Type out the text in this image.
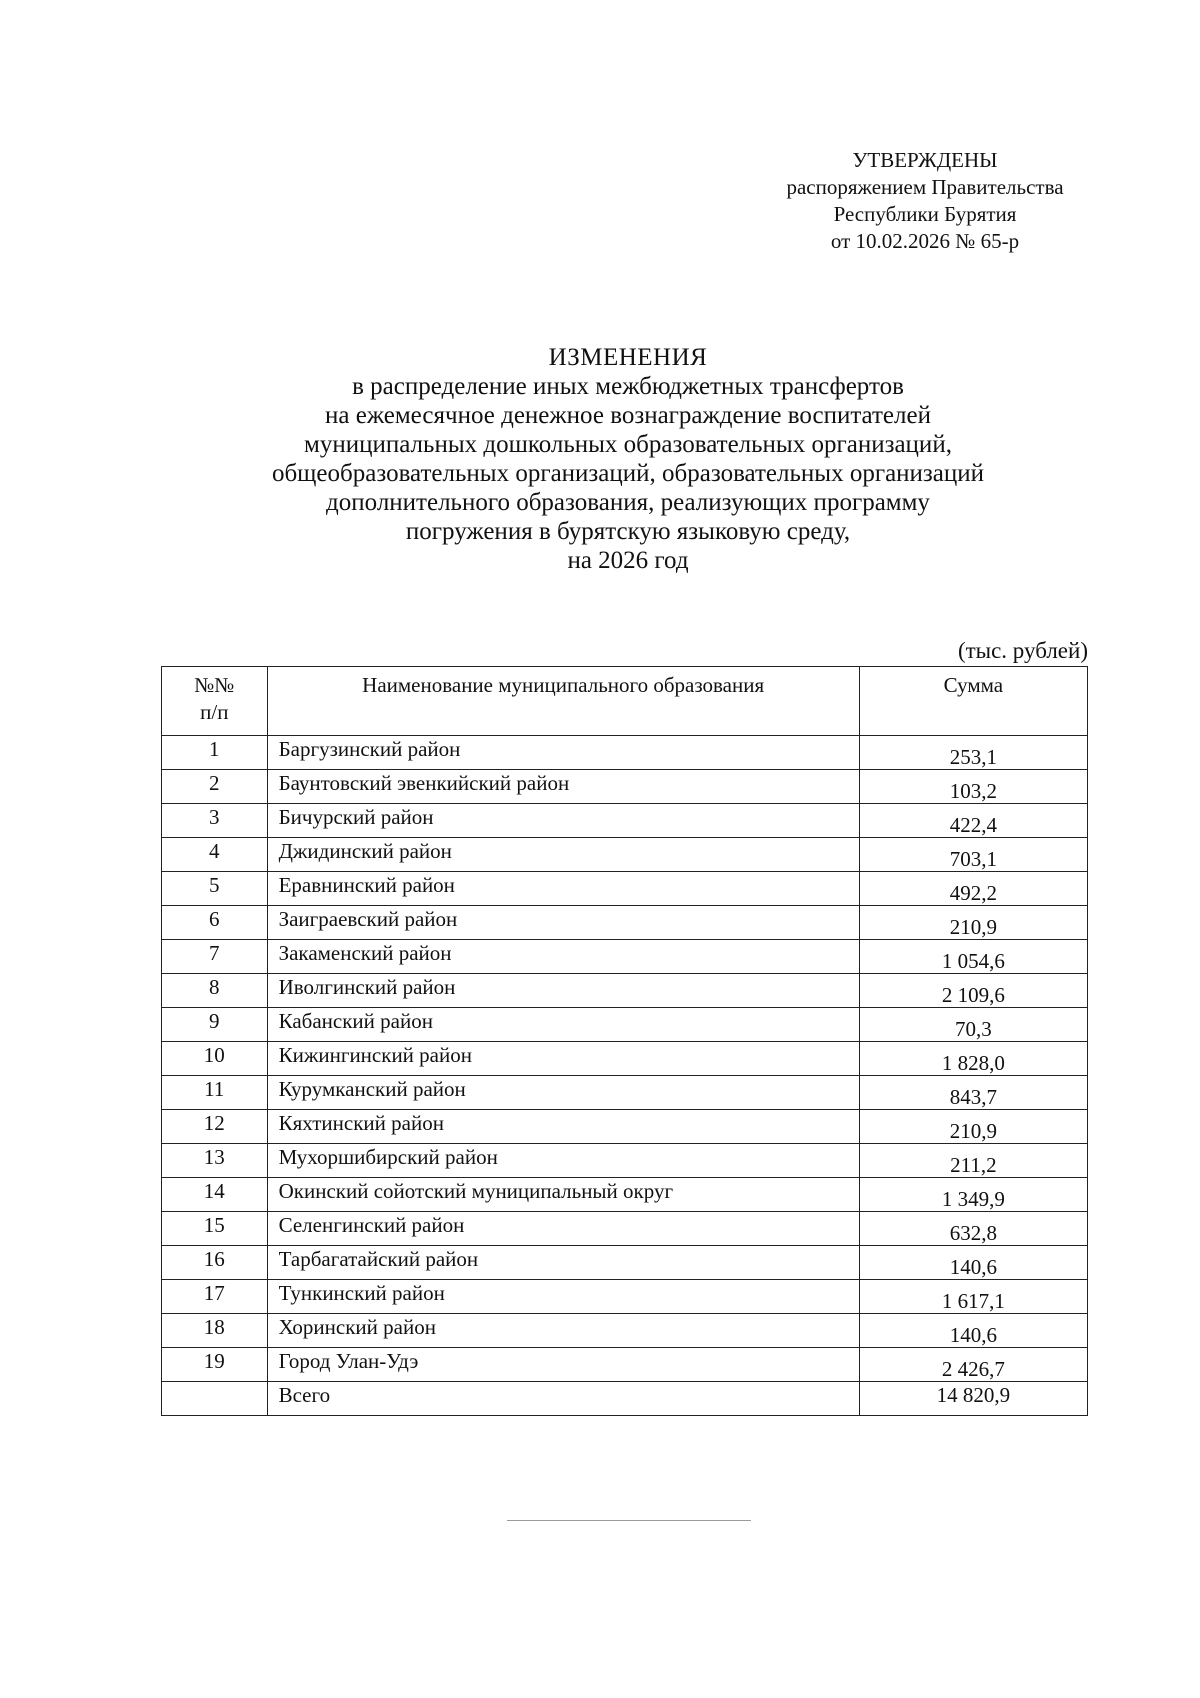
УТВЕРЖДЕНЫ
распоряжением Правительства
Республики Бурятия
от 10.02.2026 № 65-р
ИЗМЕНЕНИЯ
в распределение иных межбюджетных трансфертов
на ежемесячное денежное вознаграждение воспитателей
муниципальных дошкольных образовательных организаций,
общеобразовательных организаций, образовательных организаций
дополнительного образования, реализующих программу
погружения в бурятскую языковую среду,
на 2026 год
(тыс. рублей)
№№
п/п	Наименование муниципального образования	Сумма
1	Баргузинский район	253,1
2	Баунтовский эвенкийский район	103,2
3	Бичурский район	422,4
4	Джидинский район	703,1
5	Еравнинский район	492,2
6	Заиграевский район	210,9
7	Закаменский район	1 054,6
8	Иволгинский район	2 109,6
9	Кабанский район	70,3
10	Кижингинский район	1 828,0
11	Курумканский район	843,7
12	Кяхтинский район	210,9
13	Мухоршибирский район	211,2
14	Окинский сойотский муниципальный округ	1 349,9
15	Селенгинский район	632,8
16	Тарбагатайский район	140,6
17	Тункинский район	1 617,1
18	Хоринский район	140,6
19	Город Улан-Удэ	2 426,7
	Всего	14 820,9
